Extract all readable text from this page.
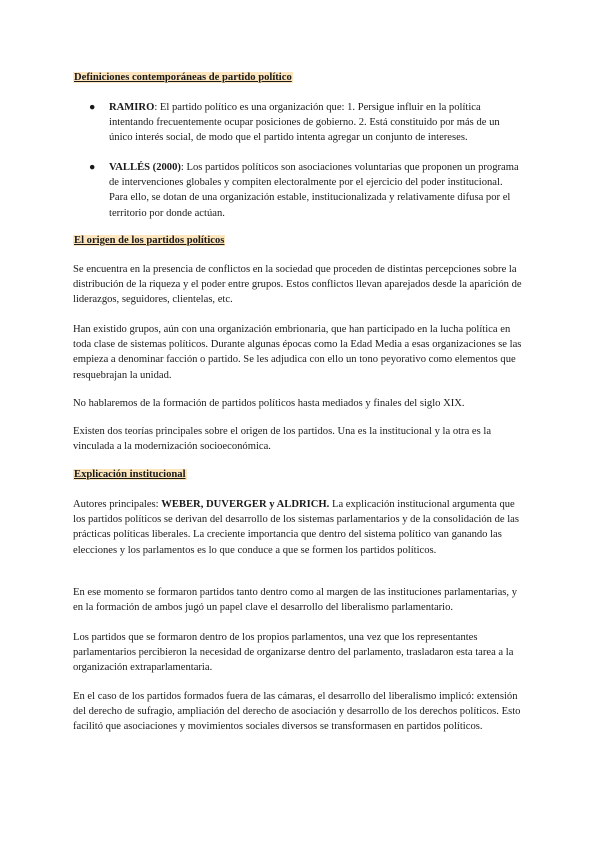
Definiciones contemporáneas de partido político
● RAMIRO: El partido político es una organización que: 1. Persigue influir en la política intentando frecuentemente ocupar posiciones de gobierno. 2. Está constituido por más de un único interés social, de modo que el partido intenta agregar un conjunto de intereses.
● VALLÉS (2000): Los partidos políticos son asociaciones voluntarias que proponen un programa de intervenciones globales y compiten electoralmente por el ejercicio del poder institucional. Para ello, se dotan de una organización estable, institucionalizada y relativamente difusa por el territorio por donde actúan.
El origen de los partidos políticos

Se encuentra en la presencia de conflictos en la sociedad que proceden de distintas percepciones sobre la distribución de la riqueza y el poder entre grupos. Estos conflictos llevan aparejados desde la aparición de liderazgos, seguidores, clientelas, etc.

Han existido grupos, aún con una organización embrionaria, que han participado en la lucha política en toda clase de sistemas políticos. Durante algunas épocas como la Edad Media a esas organizaciones se las empieza a denominar facción o partido. Se les adjudica con ello un tono peyorativo como elementos que resquebrajan la unidad.

No hablaremos de la formación de partidos políticos hasta mediados y finales del siglo XIX.

Existen dos teorías principales sobre el origen de los partidos. Una es la institucional y la otra es la vinculada a la modernización socioeconómica.

Explicación institucional

Autores principales: WEBER, DUVERGER y ALDRICH. La explicación institucional argumenta que los partidos políticos se derivan del desarrollo de los sistemas parlamentarios y de la consolidación de las prácticas políticas liberales. La creciente importancia que dentro del sistema político van ganando las elecciones y los parlamentos es lo que conduce a que se formen los partidos políticos.

En ese momento se formaron partidos tanto dentro como al margen de las instituciones parlamentarias, y en la formación de ambos jugó un papel clave el desarrollo del liberalismo parlamentario.

Los partidos que se formaron dentro de los propios parlamentos, una vez que los representantes parlamentarios percibieron la necesidad de organizarse dentro del parlamento, trasladaron esta tarea a la organización extraparlamentaria.

En el caso de los partidos formados fuera de las cámaras, el desarrollo del liberalismo implicó: extensión del derecho de sufragio, ampliación del derecho de asociación y desarrollo de los derechos políticos. Esto facilitó que asociaciones y movimientos sociales diversos se transformasen en partidos políticos.
